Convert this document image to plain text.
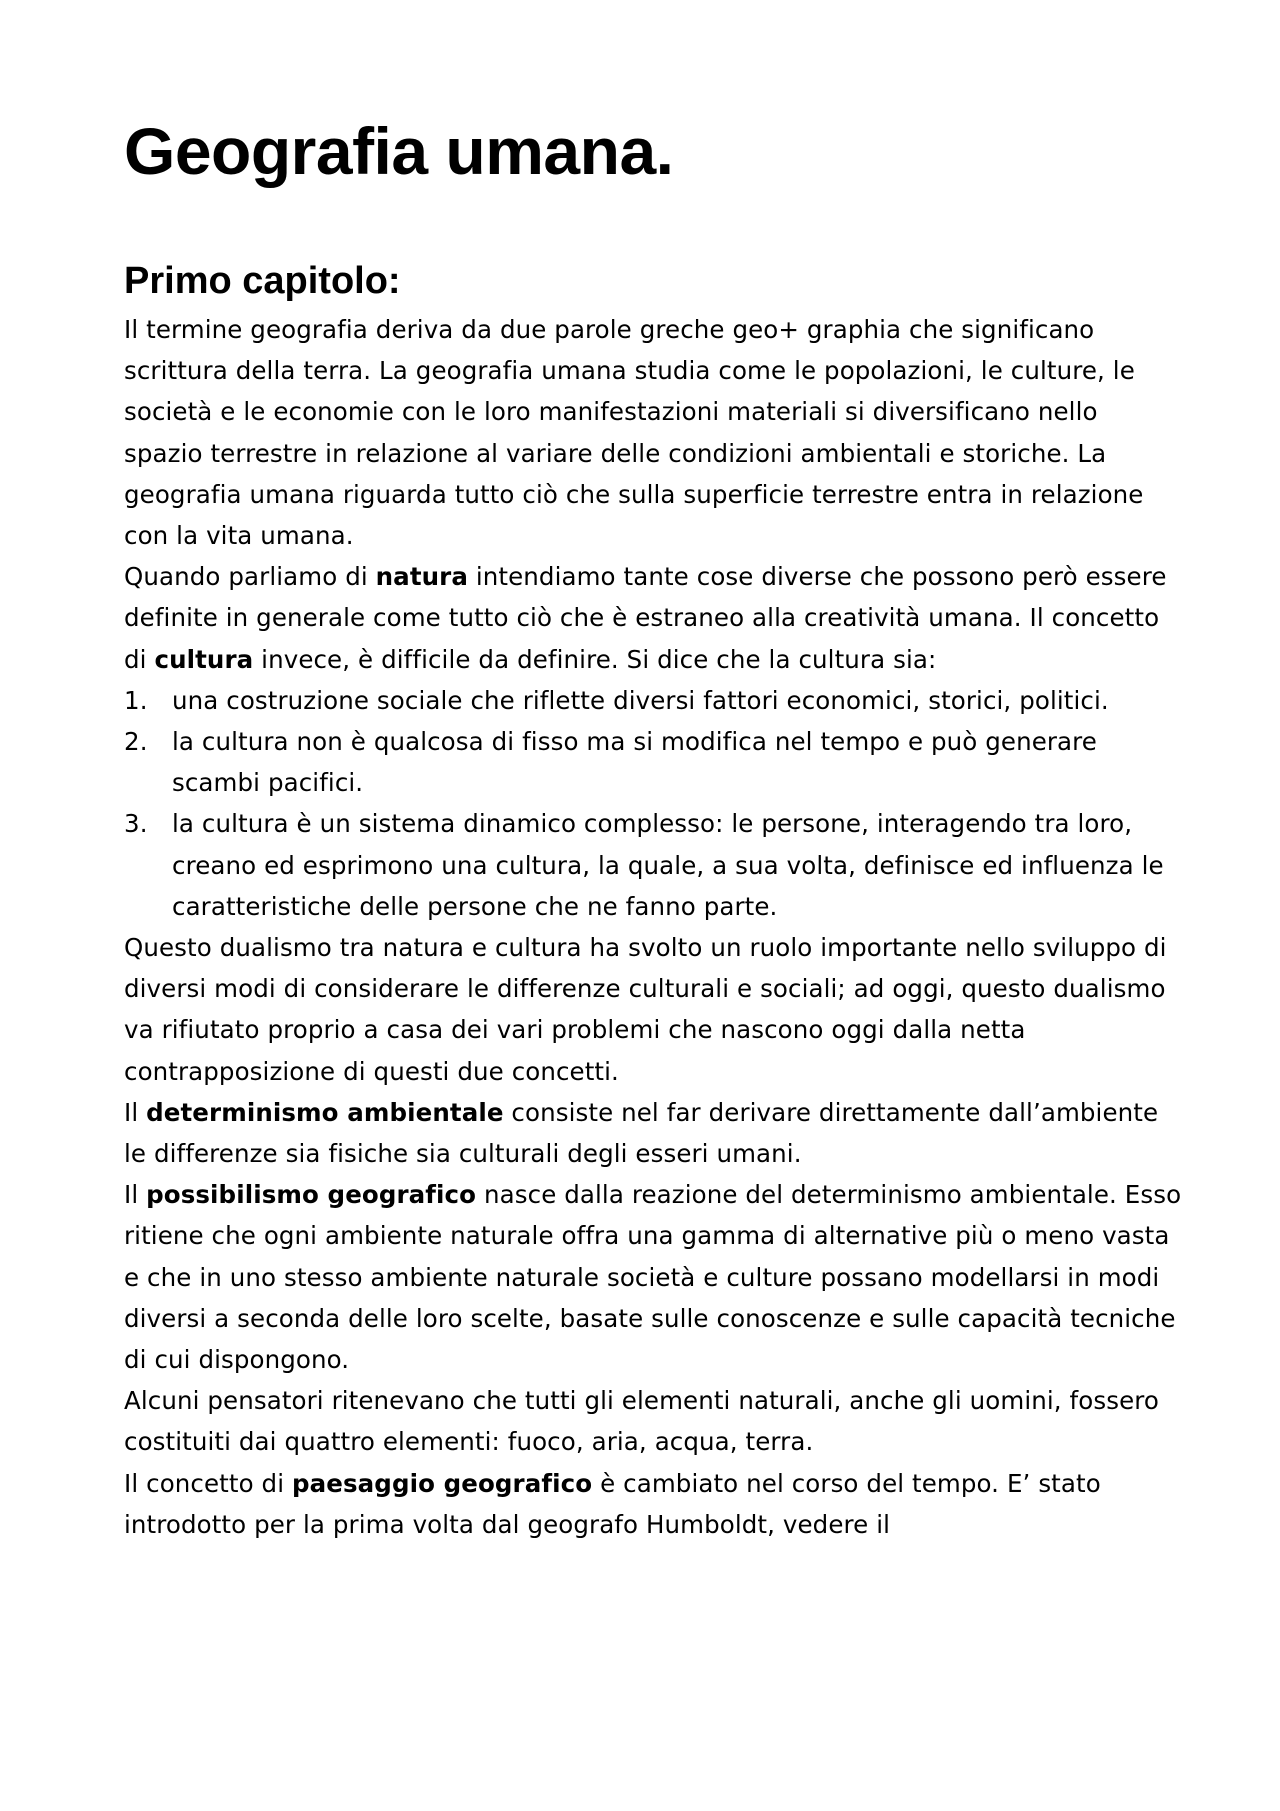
Geografia umana.
Primo capitolo:

Il termine geografia deriva da due parole greche geo+ graphia che significano scrittura della terra. La geografia umana studia come le popolazioni, le culture, le società e le economie con le loro manifestazioni materiali si diversificano nello spazio terrestre in relazione al variare delle condizioni ambientali e storiche. La geografia umana riguarda tutto ciò che sulla superficie terrestre entra in relazione con la vita umana.

Quando parliamo di natura intendiamo tante cose diverse che possono però essere definite in generale come tutto ciò che è estraneo alla creatività umana. Il concetto di cultura invece, è difficile da definire. Si dice che la cultura sia:

1. una costruzione sociale che riflette diversi fattori economici, storici, politici.
2. la cultura non è qualcosa di fisso ma si modifica nel tempo e può generare scambi pacifici.
3. la cultura è un sistema dinamico complesso: le persone, interagendo tra loro, creano ed esprimono una cultura, la quale, a sua volta, definisce ed influenza le caratteristiche delle persone che ne fanno parte.

Questo dualismo tra natura e cultura ha svolto un ruolo importante nello sviluppo di diversi modi di considerare le differenze culturali e sociali; ad oggi, questo dualismo va rifiutato proprio a casa dei vari problemi che nascono oggi dalla netta contrapposizione di questi due concetti.

Il determinismo ambientale consiste nel far derivare direttamente dall’ambiente le differenze sia fisiche sia culturali degli esseri umani.

Il possibilismo geografico nasce dalla reazione del determinismo ambientale. Esso ritiene che ogni ambiente naturale offra una gamma di alternative più o meno vasta e che in uno stesso ambiente naturale società e culture possano modellarsi in modi diversi a seconda delle loro scelte, basate sulle conoscenze e sulle capacità tecniche di cui dispongono.

Alcuni pensatori ritenevano che tutti gli elementi naturali, anche gli uomini, fossero costituiti dai quattro elementi: fuoco, aria, acqua, terra.

Il concetto di paesaggio geografico è cambiato nel corso del tempo. E’ stato introdotto per la prima volta dal geografo Humboldt, vedere il
